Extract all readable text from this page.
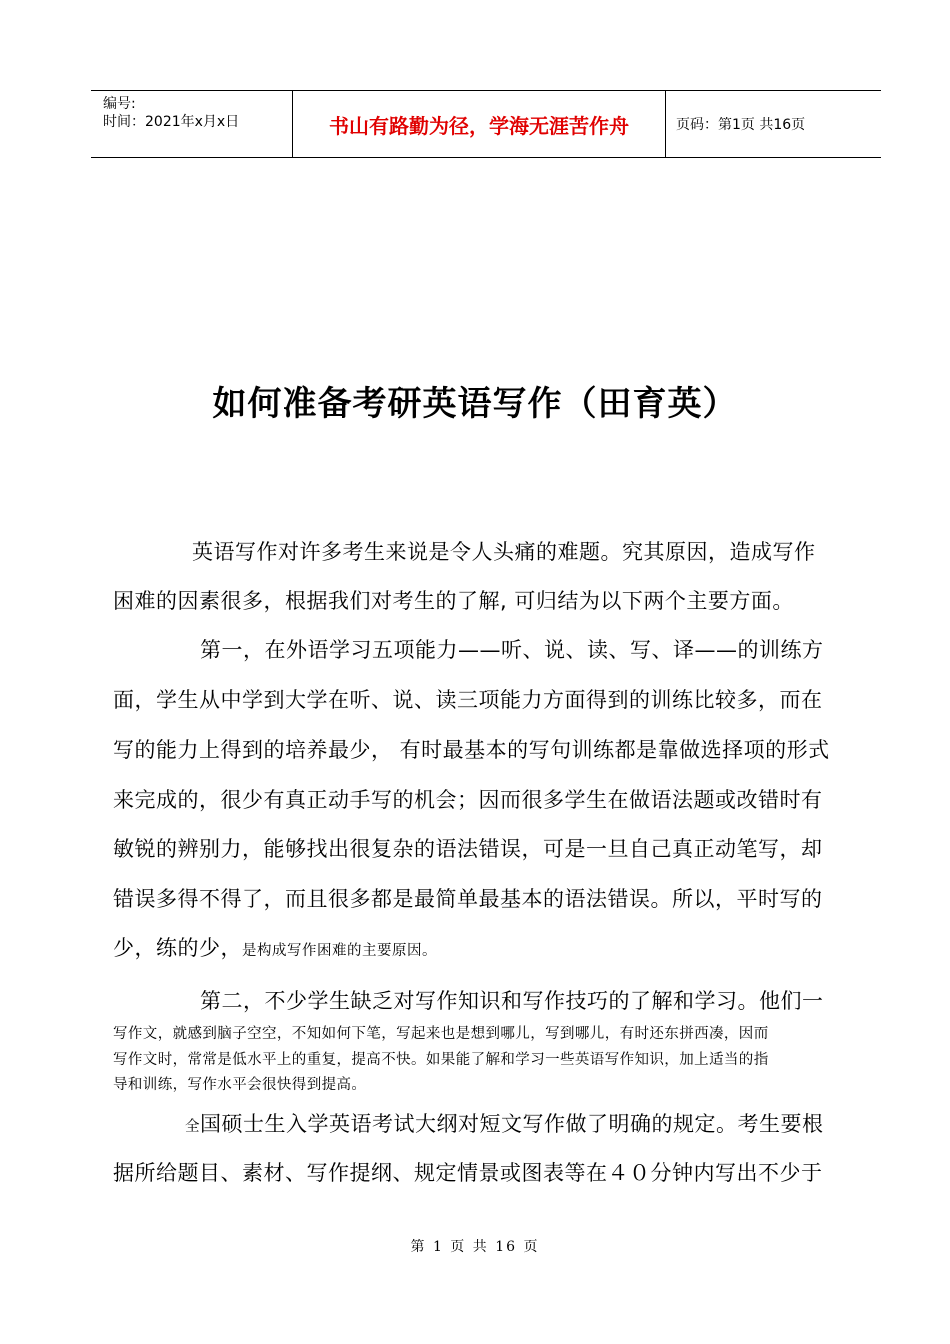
编号:
时间：2021年x月x日	书山有路勤为径，学海无涯苦作舟	页码：第1页 共16页
如何准备考研英语写作（田育英）
英语写作对许多考生来说是令人头痛的难题。究其原因，造成写作
困难的因素很多，根据我们对考生的了解, 可归结为以下两个主要方面。
第一，在外语学习五项能力——听、说、读、写、译——的训练方
面，学生从中学到大学在听、说、读三项能力方面得到的训练比较多，而在
写的能力上得到的培养最少， 有时最基本的写句训练都是靠做选择项的形式
来完成的，很少有真正动手写的机会；因而很多学生在做语法题或改错时有
敏锐的辨别力，能够找出很复杂的语法错误，可是一旦自己真正动笔写，却
错误多得不得了，而且很多都是最简单最基本的语法错误。所以，平时写的
少，练的少，是构成写作困难的主要原因。
第二，不少学生缺乏对写作知识和写作技巧的了解和学习。他们一
写作文，就感到脑子空空，不知如何下笔，写起来也是想到哪儿，写到哪儿，有时还东拼西凑，因而
写作文时，常常是低水平上的重复，提高不快。如果能了解和学习一些英语写作知识，加上适当的指
导和训练，写作水平会很快得到提高。
全国硕士生入学英语考试大纲对短文写作做了明确的规定。考生要根
据所给题目、素材、写作提纲、规定情景或图表等在４０分钟内写出不少于
第 1 页 共 16 页
